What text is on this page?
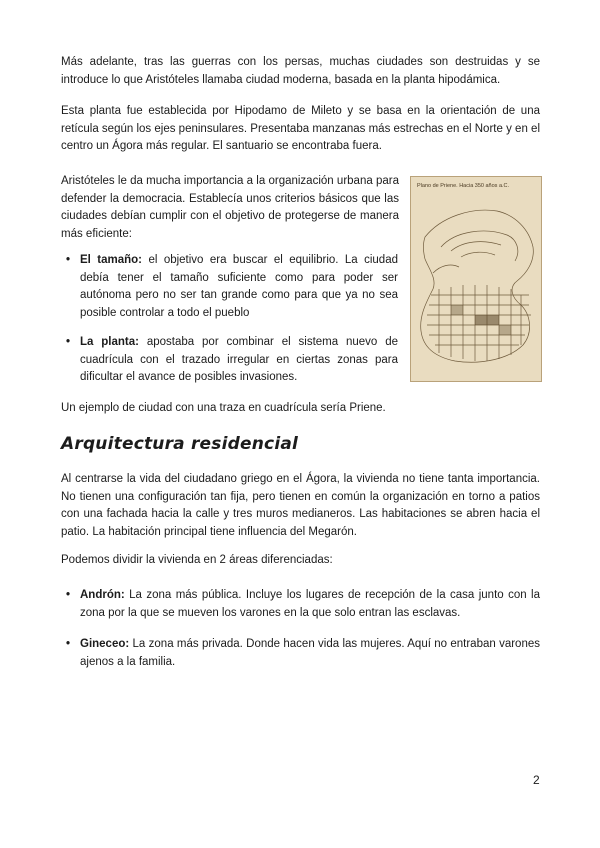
Más adelante, tras las guerras con los persas, muchas ciudades son destruidas y se introduce lo que Aristóteles llamaba ciudad moderna, basada en la planta hipodámica.

Esta planta fue establecida por Hipodamo de Mileto y se basa en la orientación de una retícula según los ejes peninsulares. Presentaba manzanas más estrechas en el Norte y en el centro un Ágora más regular. El santuario se encontraba fuera.

Aristóteles le da mucha importancia a la organización urbana para defender la democracia. Establecía unos criterios básicos que las ciudades debían cumplir con el objetivo de protegerse de manera más eficiente:

• El tamaño: el objetivo era buscar el equilibrio. La ciudad debía tener el tamaño suficiente como para poder ser autónoma pero no ser tan grande como para que ya no sea posible controlar a todo el pueblo
• La planta: apostaba por combinar el sistema nuevo de cuadrícula con el trazado irregular en ciertas zonas para dificultar el avance de posibles invasiones.
Plano de Priene. Hacia 350 años a.C.

Un ejemplo de ciudad con una traza en cuadrícula sería Priene.

Arquitectura residencial

Al centrarse la vida del ciudadano griego en el Ágora, la vivienda no tiene tanta importancia. No tienen una configuración tan fija, pero tienen en común la organización en torno a patios con una fachada hacia la calle y tres muros medianeros. Las habitaciones se abren hacia el patio. La habitación principal tiene influencia del Megarón.

Podemos dividir la vivienda en 2 áreas diferenciadas:

• Andrón: La zona más pública. Incluye los lugares de recepción de la casa junto con la zona por la que se mueven los varones en la que solo entran las esclavas.
• Gineceo: La zona más privada. Donde hacen vida las mujeres. Aquí no entraban varones ajenos a la familia.
2
